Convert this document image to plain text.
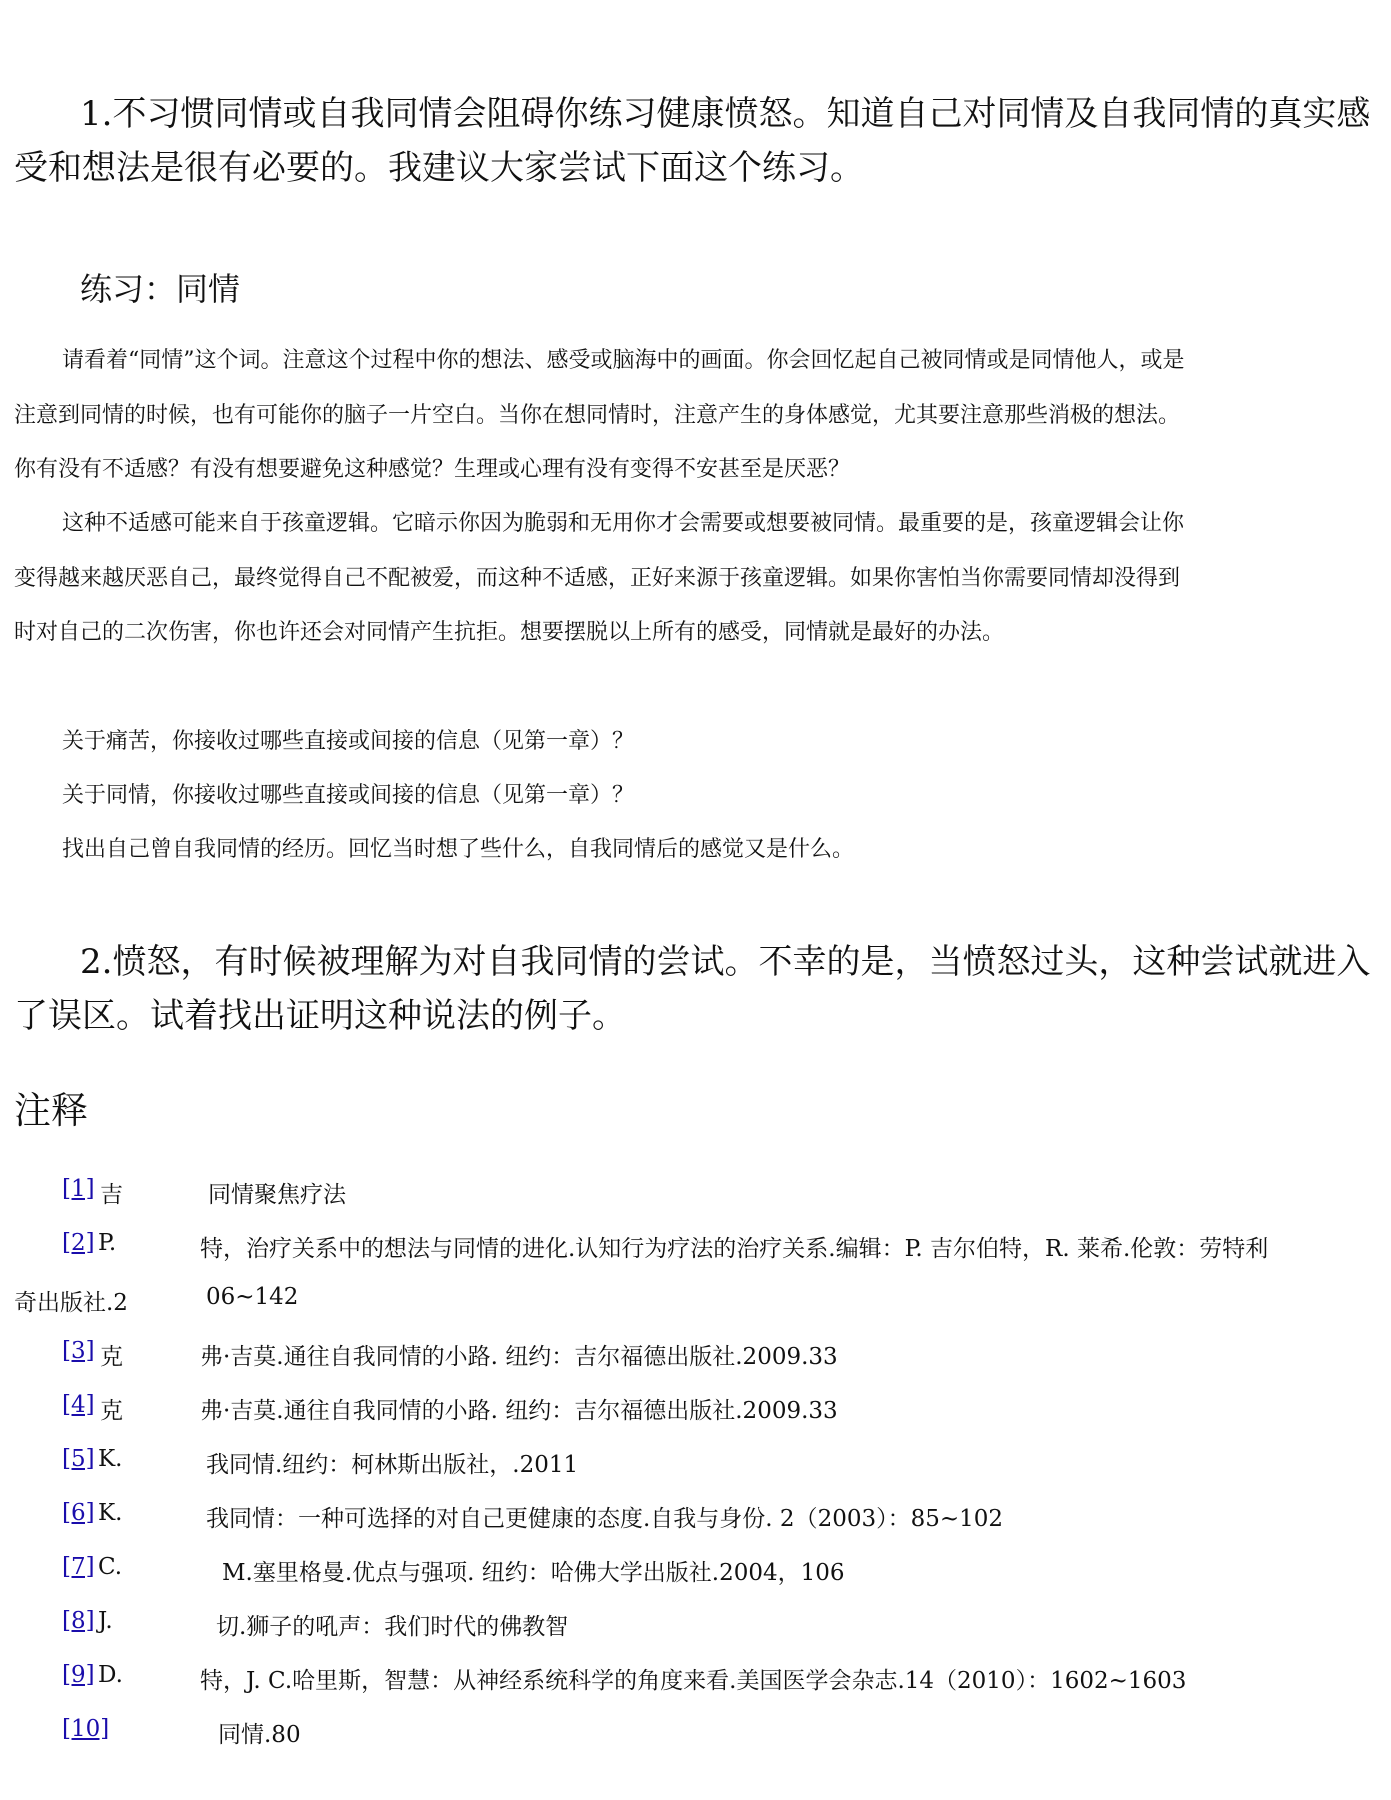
1.不习惯同情或自我同情会阻碍你练习健康愤怒。知道自己对同情及自我同情的真实感

受和想法是很有必要的。我建议大家尝试下面这个练习。

练习：同情

请看着“同情”这个词。注意这个过程中你的想法、感受或脑海中的画面。你会回忆起自己被同情或是同情他人，或是

注意到同情的时候，也有可能你的脑子一片空白。当你在想同情时，注意产生的身体感觉，尤其要注意那些消极的想法。

你有没有不适感？有没有想要避免这种感觉？生理或心理有没有变得不安甚至是厌恶？

这种不适感可能来自于孩童逻辑。它暗示你因为脆弱和无用你才会需要或想要被同情。最重要的是，孩童逻辑会让你

变得越来越厌恶自己，最终觉得自己不配被爱，而这种不适感，正好来源于孩童逻辑。如果你害怕当你需要同情却没得到

时对自己的二次伤害，你也许还会对同情产生抗拒。想要摆脱以上所有的感受，同情就是最好的办法。

关于痛苦，你接收过哪些直接或间接的信息（见第一章）？

关于同情，你接收过哪些直接或间接的信息（见第一章）？

找出自己曾自我同情的经历。回忆当时想了些什么，自我同情后的感觉又是什么。

2.愤怒，有时候被理解为对自我同情的尝试。不幸的是，当愤怒过头，这种尝试就进入

了误区。试着找出证明这种说法的例子。

注释

[1] 吉	同情聚焦疗法
[2] P.	特，治疗关系中的想法与同情的进化.认知行为疗法的治疗关系.编辑：P. 吉尔伯特，R. 莱希.伦敦：劳特利
奇出版社.2	06~142
[3] 克	弗·吉莫.通往自我同情的小路. 纽约：吉尔福德出版社.2009.33
[4] 克	弗·吉莫.通往自我同情的小路. 纽约：吉尔福德出版社.2009.33
[5] K.	我同情.纽约：柯林斯出版社，.2011
[6] K.	我同情：一种可选择的对自己更健康的态度.自我与身份. 2（2003）：85~102
[7] C.	M.塞里格曼.优点与强项. 纽约：哈佛大学出版社.2004，106
[8] J.	切.狮子的吼声：我们时代的佛教智
[9] D.	特，J. C.哈里斯，智慧：从神经系统科学的角度来看.美国医学会杂志.14（2010）：1602~1603
[10]	同情.80
